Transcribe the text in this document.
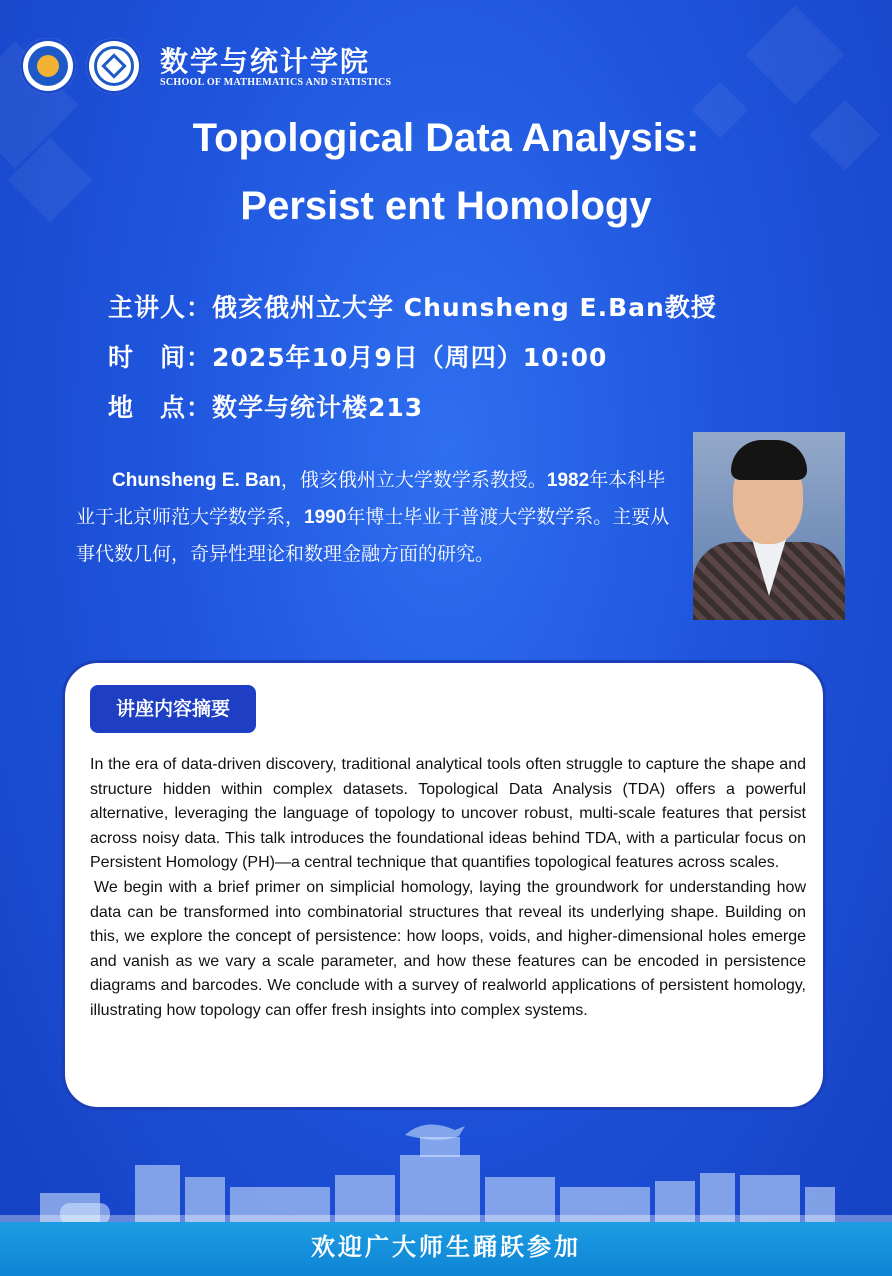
数学与统计学院
SCHOOL OF MATHEMATICS AND STATISTICS
Topological Data Analysis:
Persist ent Homology
主讲人：俄亥俄州立大学 Chunsheng E.Ban教授
时　间：2025年10月9日（周四）10:00
地　点：数学与统计楼213
Chunsheng E. Ban，俄亥俄州立大学数学系教授。1982年本科毕业于北京师范大学数学系，1990年博士毕业于普渡大学数学系。主要从事代数几何，奇异性理论和数理金融方面的研究。
讲座内容摘要

In the era of data-driven discovery, traditional analytical tools often struggle to capture the shape and structure hidden within complex datasets. Topological Data Analysis (TDA) offers a powerful alternative, leveraging the language of topology to uncover robust, multi-scale features that persist across noisy data. This talk introduces the foundational ideas behind TDA, with a particular focus on Persistent Homology (PH)—a central technique that quantifies topological features across scales.

We begin with a brief primer on simplicial homology, laying the groundwork for understanding how data can be transformed into combinatorial structures that reveal its underlying shape. Building on this, we explore the concept of persistence: how loops, voids, and higher-dimensional holes emerge and vanish as we vary a scale parameter, and how these features can be encoded in persistence diagrams and barcodes. We conclude with a survey of realworld applications of persistent homology, illustrating how topology can offer fresh insights into complex systems.

欢迎广大师生踊跃参加
